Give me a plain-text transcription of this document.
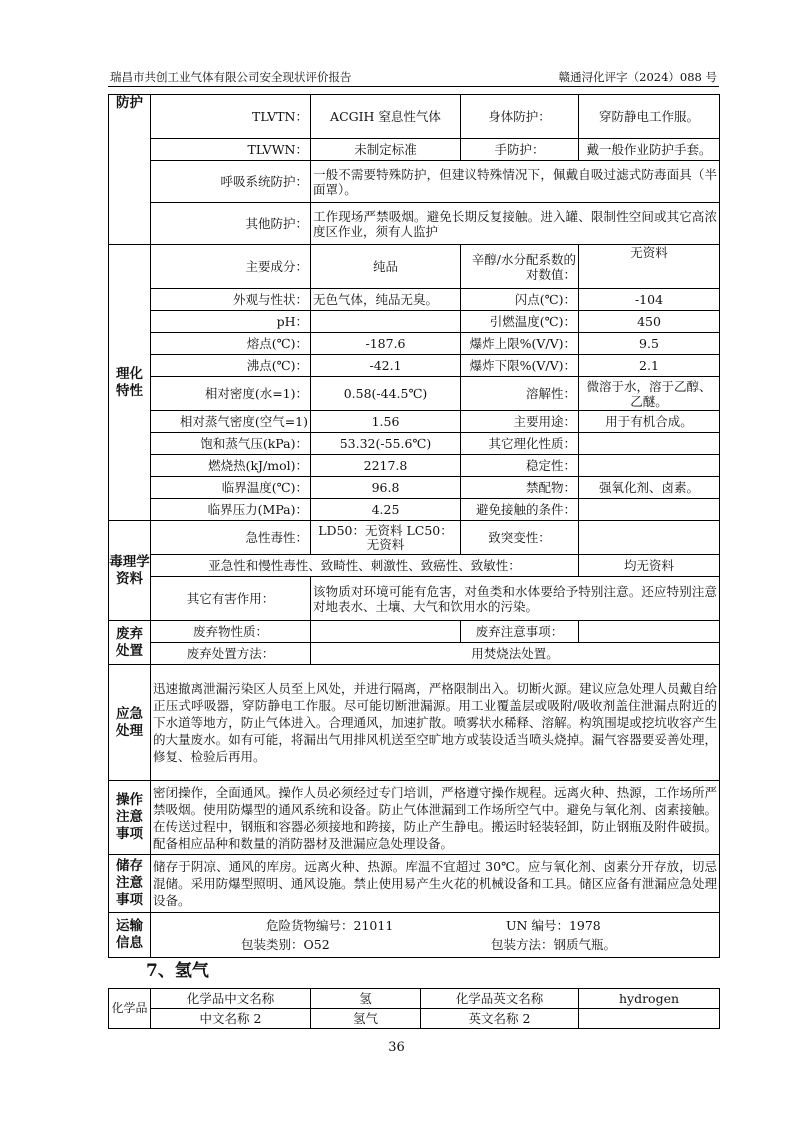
瑞昌市共创工业气体有限公司安全现状评价报告	赣通浔化评字（2024）088 号
防护	TLVTN：	ACGIH 窒息性气体	身体防护：	穿防静电工作服。
	TLVWN：	未制定标准	手防护：	戴一般作业防护手套。
	呼吸系统防护：	一般不需要特殊防护，但建议特殊情况下，佩戴自吸过滤式防毒面具（半面罩）。		
	其他防护：	工作现场严禁吸烟。避免长期反复接触。进入罐、限制性空间或其它高浓度区作业，须有人监护		
理化
特性	主要成分：	纯品	辛醇/水分配系数的对数值：	无资料
	外观与性状：	无色气体，纯品无臭。	闪点(℃)：	-104
	pH：		引燃温度(℃)：	450
	熔点(℃)：	-187.6	爆炸上限%(V/V)：	9.5
	沸点(℃)：	-42.1	爆炸下限%(V/V)：	2.1
	相对密度(水=1)：	0.58(-44.5℃)	溶解性：	微溶于水，溶于乙醇、乙醚。
	相对蒸气密度(空气=1)	1.56	主要用途：	用于有机合成。
	饱和蒸气压(kPa)：	53.32(-55.6℃)	其它理化性质：	
	燃烧热(kJ/mol)：	2217.8	稳定性：	
	临界温度(℃)：	96.8	禁配物：	强氧化剂、卤素。
	临界压力(MPa)：	4.25	避免接触的条件：	
毒理学
资料	急性毒性：	LD50：无资料 LC50：无资料	致突变性：	
	亚急性和慢性毒性、致畸性、刺激性、致癌性、致敏性：			均无资料
	其它有害作用：	该物质对环境可能有危害，对鱼类和水体要给予特别注意。还应特别注意对地表水、土壤、大气和饮用水的污染。		
废弃
处置	废弃物性质：		废弃注意事项：	
	废弃处置方法：	用焚烧法处置。		
应急
处理	迅速撤离泄漏污染区人员至上风处，并进行隔离，严格限制出入。切断火源。建议应急处理人员戴自给正压式呼吸器，穿防静电工作服。尽可能切断泄漏源。用工业覆盖层或吸附/吸收剂盖住泄漏点附近的下水道等地方，防止气体进入。合理通风，加速扩散。喷雾状水稀释、溶解。构筑围堤或挖坑收容产生的大量废水。如有可能，将漏出气用排风机送至空旷地方或装设适当喷头烧掉。漏气容器要妥善处理，修复、检验后再用。			
操作
注意
事项	密闭操作，全面通风。操作人员必须经过专门培训，严格遵守操作规程。远离火种、热源，工作场所严禁吸烟。使用防爆型的通风系统和设备。防止气体泄漏到工作场所空气中。避免与氧化剂、卤素接触。在传送过程中，钢瓶和容器必须接地和跨接，防止产生静电。搬运时轻装轻卸，防止钢瓶及附件破损。配备相应品种和数量的消防器材及泄漏应急处理设备。			
储存
注意
事项	储存于阴凉、通风的库房。远离火种、热源。库温不宜超过 30℃。应与氧化剂、卤素分开存放，切忌混储。采用防爆型照明、通风设施。禁止使用易产生火花的机械设备和工具。储区应备有泄漏应急处理设备。			
运输
信息	危险货物编号：21011 UN 编号：1978
包装类别：O52 包装方法：钢质气瓶。			
7、氢气
化学品	化学品中文名称	氢	化学品英文名称	hydrogen
	中文名称 2	氢气	英文名称 2	
36
